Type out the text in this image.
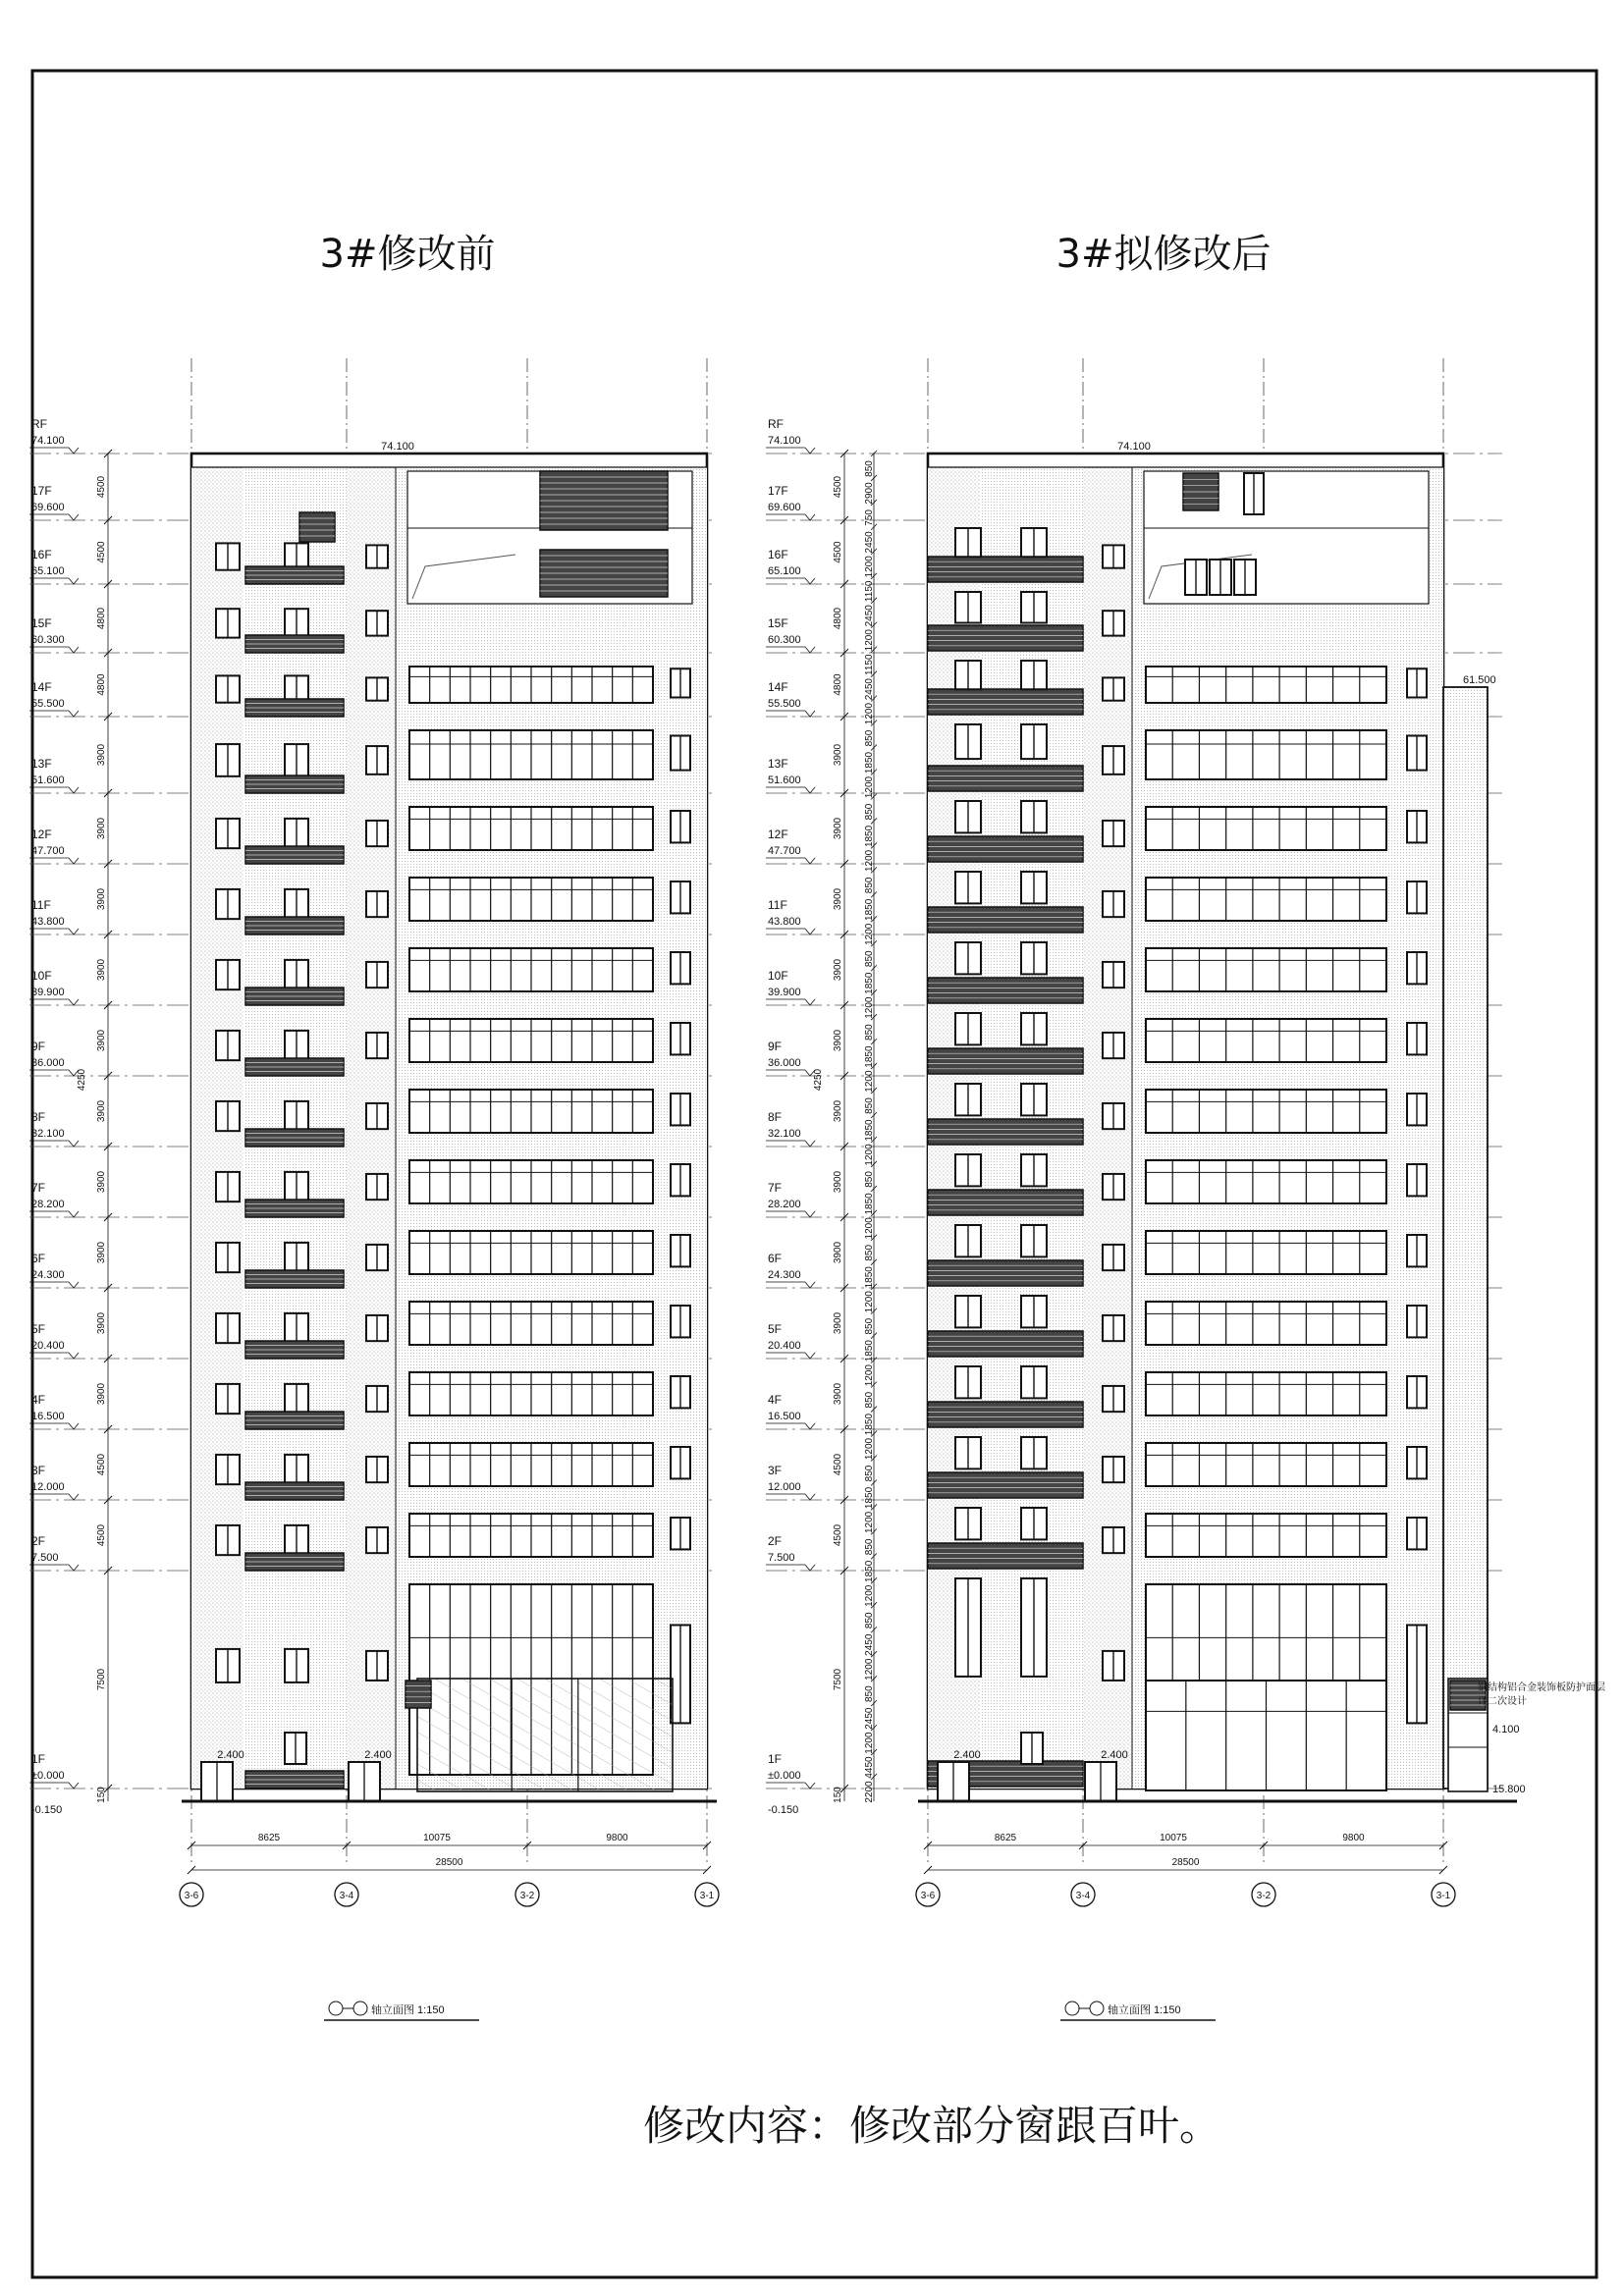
3#修改前	3#拟修改后
RF
74.100
17F
69.600
16F
65.100
15F
60.300
14F
55.500
13F
51.600
12F
47.700
11F
43.800
10F
39.900
9F
36.000
8F
32.100
7F
28.200
6F
24.300
5F
20.400
4F
16.500
3F
12.000
2F
7.500
1F
±0.000
-0.150
4500
4500
4800
4800
3900
3900
3900
3900
3900
3900
3900
3900
3900
3900
4500
4500
7500
150
4250
74.100
2.400	2.400
8625	10075	9800
28500
3-6	3-4	3-2	3-1
RF
74.100
17F
69.600
16F
65.100
15F
60.300
14F
55.500
13F
51.600
12F
47.700
11F
43.800
10F
39.900
9F
36.000
8F
32.100
7F
28.200
6F
24.300
5F
20.400
4F
16.500
3F
12.000
2F
7.500
1F
±0.000
-0.150
4500
4500
4800
4800
3900
3900
3900
3900
3900
3900
3900
3900
3900
3900
4500
4500
7500
150
4250
850
2900
750
2450
1200
1150
2450
1200
1150
2450
1200
850
1850
1200
850
1850
1200
850
1850
1200
850
1850
1200
850
1850
1200
850
1850
1200
850
1850
1200
850
1850
1200
850
1850
1200
850
1850
1200
850
1850
1200
850
1850
1200
850
2450
1200
850
2450
1200
4450
2200
74.100
2.400	2.400
61.500
4.100
15.800
钢结构铝合金装饰板防护面层
详二次设计
8625	10075	9800
28500
3-6	3-4	3-2	3-1
轴立面图 1:150	轴立面图 1:150
修改内容：修改部分窗跟百叶。
